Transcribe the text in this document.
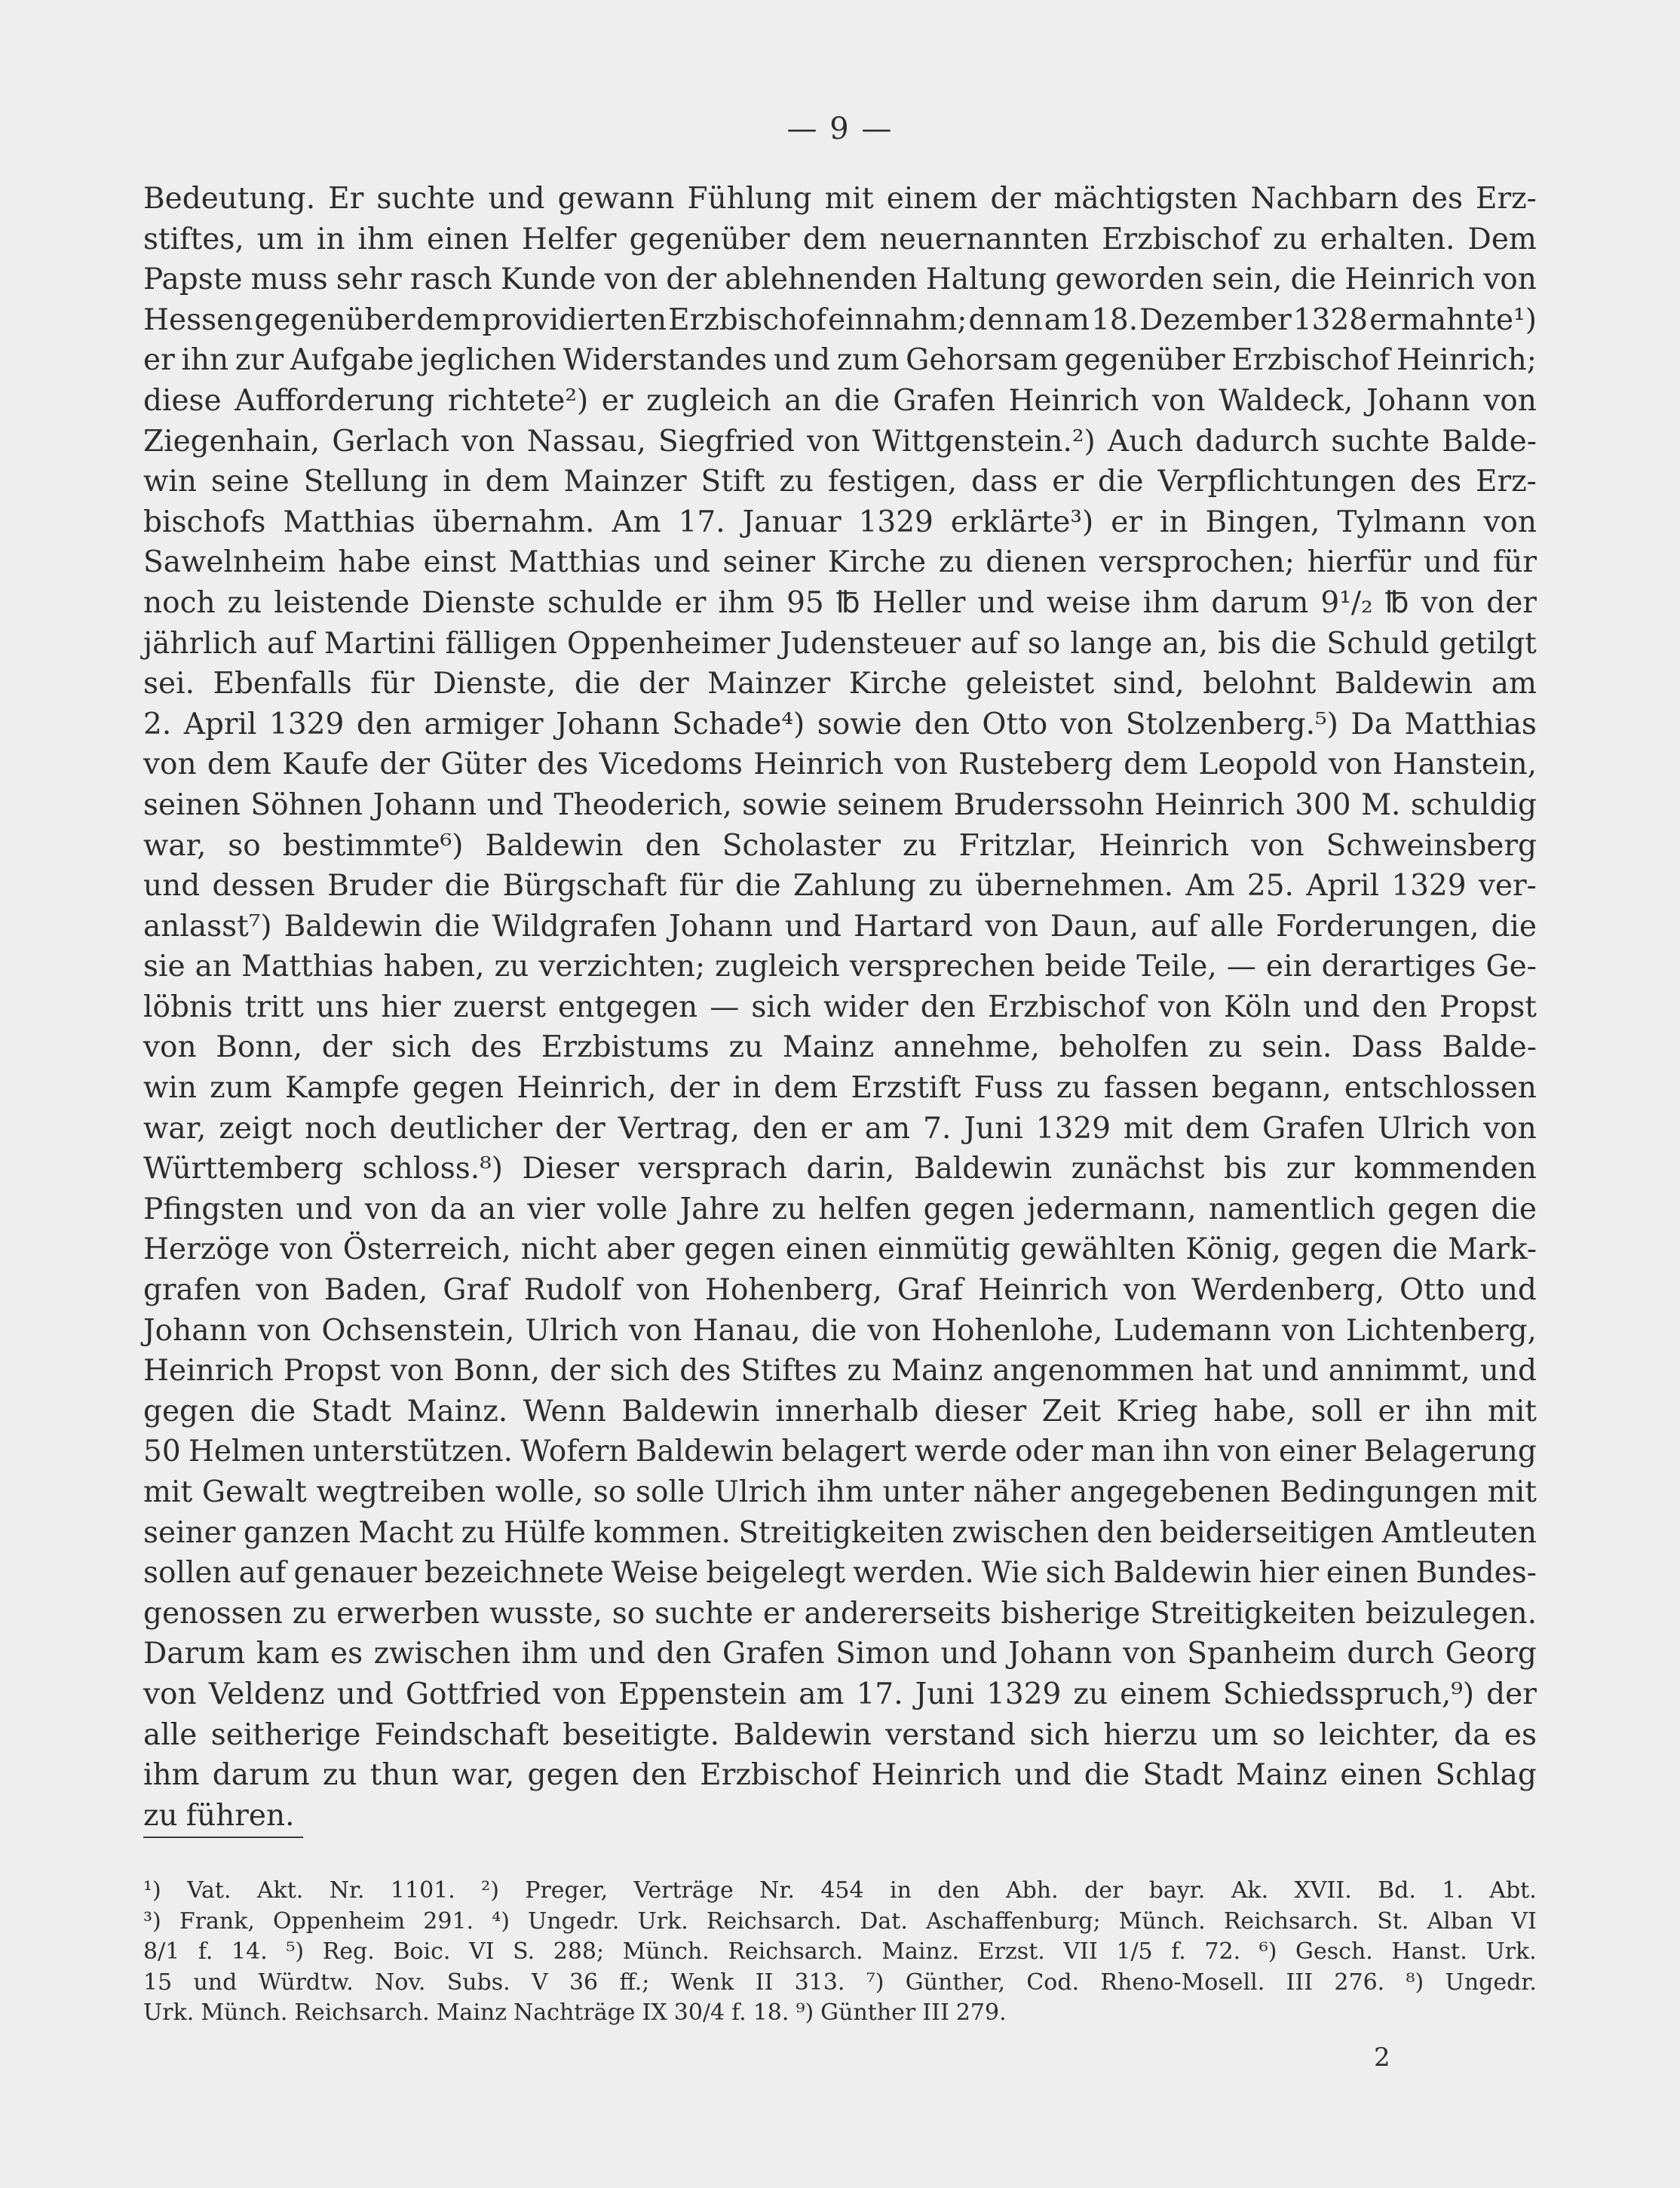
— 9 —
Bedeutung. Er suchte und gewann Fühlung mit einem der mächtigsten Nachbarn des Erz-
stiftes, um in ihm einen Helfer gegenüber dem neuernannten Erzbischof zu erhalten. Dem
Papste muss sehr rasch Kunde von der ablehnenden Haltung geworden sein, die Heinrich von
Hessen gegenüber dem providierten Erzbischof einnahm; denn am 18. Dezember 1328 ermahnte¹)
er ihn zur Aufgabe jeglichen Widerstandes und zum Gehorsam gegenüber Erzbischof Heinrich;
diese Aufforderung richtete²) er zugleich an die Grafen Heinrich von Waldeck, Johann von
Ziegenhain, Gerlach von Nassau, Siegfried von Wittgenstein.²) Auch dadurch suchte Balde-
win seine Stellung in dem Mainzer Stift zu festigen, dass er die Verpflichtungen des Erz-
bischofs Matthias übernahm. Am 17. Januar 1329 erklärte³) er in Bingen, Tylmann von
Sawelnheim habe einst Matthias und seiner Kirche zu dienen versprochen; hierfür und für
noch zu leistende Dienste schulde er ihm 95 ℔ Heller und weise ihm darum 9¹/₂ ℔ von der
jährlich auf Martini fälligen Oppenheimer Judensteuer auf so lange an, bis die Schuld getilgt
sei. Ebenfalls für Dienste, die der Mainzer Kirche geleistet sind, belohnt Baldewin am
2. April 1329 den armiger Johann Schade⁴) sowie den Otto von Stolzenberg.⁵) Da Matthias
von dem Kaufe der Güter des Vicedoms Heinrich von Rusteberg dem Leopold von Hanstein,
seinen Söhnen Johann und Theoderich, sowie seinem Bruderssohn Heinrich 300 M. schuldig
war, so bestimmte⁶) Baldewin den Scholaster zu Fritzlar, Heinrich von Schweinsberg
und dessen Bruder die Bürgschaft für die Zahlung zu übernehmen. Am 25. April 1329 ver-
anlasst⁷) Baldewin die Wildgrafen Johann und Hartard von Daun, auf alle Forderungen, die
sie an Matthias haben, zu verzichten; zugleich versprechen beide Teile, — ein derartiges Ge-
löbnis tritt uns hier zuerst entgegen — sich wider den Erzbischof von Köln und den Propst
von Bonn, der sich des Erzbistums zu Mainz annehme, beholfen zu sein. Dass Balde-
win zum Kampfe gegen Heinrich, der in dem Erzstift Fuss zu fassen begann, entschlossen
war, zeigt noch deutlicher der Vertrag, den er am 7. Juni 1329 mit dem Grafen Ulrich von
Württemberg schloss.⁸) Dieser versprach darin, Baldewin zunächst bis zur kommenden
Pfingsten und von da an vier volle Jahre zu helfen gegen jedermann, namentlich gegen die
Herzöge von Österreich, nicht aber gegen einen einmütig gewählten König, gegen die Mark-
grafen von Baden, Graf Rudolf von Hohenberg, Graf Heinrich von Werdenberg, Otto und
Johann von Ochsenstein, Ulrich von Hanau, die von Hohenlohe, Ludemann von Lichtenberg,
Heinrich Propst von Bonn, der sich des Stiftes zu Mainz angenommen hat und annimmt, und
gegen die Stadt Mainz. Wenn Baldewin innerhalb dieser Zeit Krieg habe, soll er ihn mit
50 Helmen unterstützen. Wofern Baldewin belagert werde oder man ihn von einer Belagerung
mit Gewalt wegtreiben wolle, so solle Ulrich ihm unter näher angegebenen Bedingungen mit
seiner ganzen Macht zu Hülfe kommen. Streitigkeiten zwischen den beiderseitigen Amtleuten
sollen auf genauer bezeichnete Weise beigelegt werden. Wie sich Baldewin hier einen Bundes-
genossen zu erwerben wusste, so suchte er andererseits bisherige Streitigkeiten beizulegen.
Darum kam es zwischen ihm und den Grafen Simon und Johann von Spanheim durch Georg
von Veldenz und Gottfried von Eppenstein am 17. Juni 1329 zu einem Schiedsspruch,⁹) der
alle seitherige Feindschaft beseitigte. Baldewin verstand sich hierzu um so leichter, da es
ihm darum zu thun war, gegen den Erzbischof Heinrich und die Stadt Mainz einen Schlag
zu führen.
¹) Vat. Akt. Nr. 1101. ²) Preger, Verträge Nr. 454 in den Abh. der bayr. Ak. XVII. Bd. 1. Abt.
³) Frank, Oppenheim 291. ⁴) Ungedr. Urk. Reichsarch. Dat. Aschaffenburg; Münch. Reichsarch. St. Alban VI
8/1 f. 14. ⁵) Reg. Boic. VI S. 288; Münch. Reichsarch. Mainz. Erzst. VII 1/5 f. 72. ⁶) Gesch. Hanst. Urk.
15 und Würdtw. Nov. Subs. V 36 ff.; Wenk II 313. ⁷) Günther, Cod. Rheno-Mosell. III 276. ⁸) Ungedr.
Urk. Münch. Reichsarch. Mainz Nachträge IX 30/4 f. 18. ⁹) Günther III 279.
2
